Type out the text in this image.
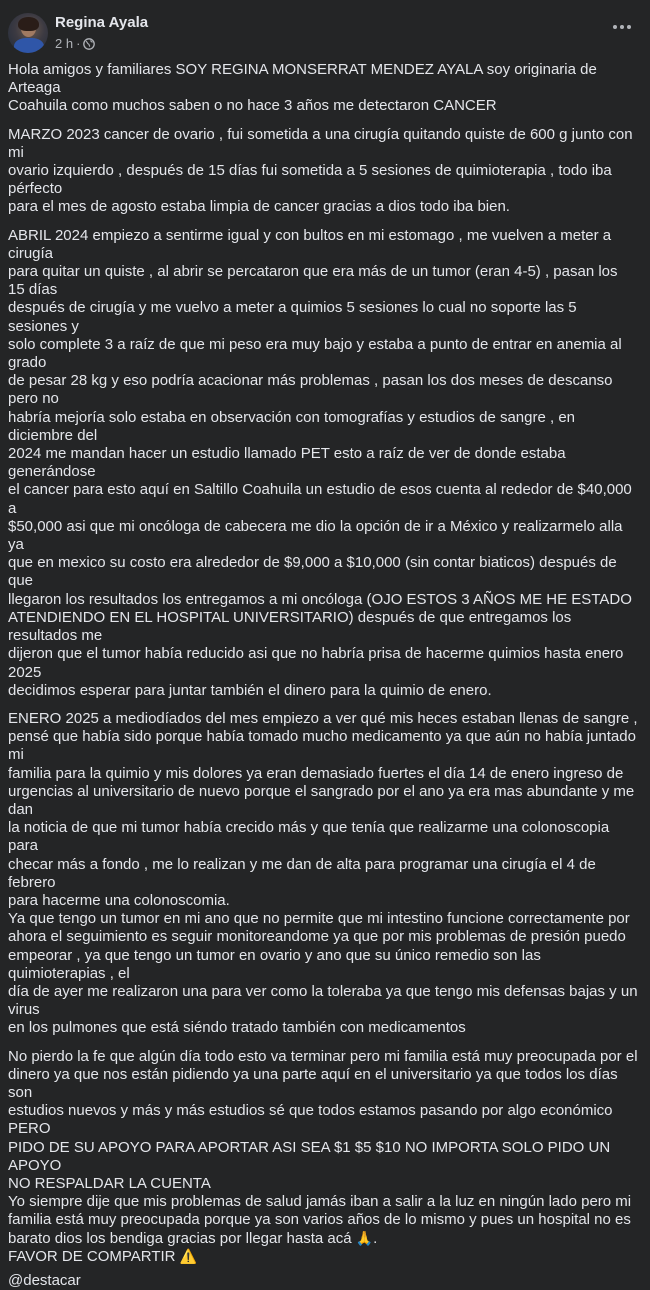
Regina Ayala
2 h ·

Hola amigos y familiares SOY REGINA MONSERRAT MENDEZ AYALA soy originaria de Arteaga
Coahuila como muchos saben o no hace 3 años me detectaron CANCER

MARZO 2023 cancer de ovario , fui sometida a una cirugía quitando quiste de 600 g junto con mi
ovario izquierdo , después de 15 días fui sometida a 5 sesiones de quimioterapia , todo iba pérfecto
para el mes de agosto estaba limpia de cancer gracias a dios todo iba bien.

ABRIL 2024 empiezo a sentirme igual y con bultos en mi estomago , me vuelven a meter a cirugía
para quitar un quiste , al abrir se percataron que era más de un tumor (eran 4-5) , pasan los 15 días
después de cirugía y me vuelvo a meter a quimios 5 sesiones lo cual no soporte las 5 sesiones y
solo complete 3 a raíz de que mi peso era muy bajo y estaba a punto de entrar en anemia al grado
de pesar 28 kg y eso podría acacionar más problemas , pasan los dos meses de descanso pero no
habría mejoría solo estaba en observación con tomografías y estudios de sangre , en diciembre del
2024 me mandan hacer un estudio llamado PET esto a raíz de ver de donde estaba generándose
el cancer para esto aquí en Saltillo Coahuila un estudio de esos cuenta al rededor de $40,000 a
$50,000 asi que mi oncóloga de cabecera me dio la opción de ir a México y realizarmelo alla ya
que en mexico su costo era alrededor de $9,000 a $10,000 (sin contar biaticos) después de que
llegaron los resultados los entregamos a mi oncóloga (OJO ESTOS 3 AÑOS ME HE ESTADO
ATENDIENDO EN EL HOSPITAL UNIVERSITARIO) después de que entregamos los resultados me
dijeron que el tumor había reducido asi que no habría prisa de hacerme quimios hasta enero 2025
decidimos esperar para juntar también el dinero para la quimio de enero.

ENERO 2025 a mediodíados del mes empiezo a ver qué mis heces estaban llenas de sangre ,
pensé que había sido porque había tomado mucho medicamento ya que aún no había juntado mi
familia para la quimio y mis dolores ya eran demasiado fuertes el día 14 de enero ingreso de
urgencias al universitario de nuevo porque el sangrado por el ano ya era mas abundante y me dan
la noticia de que mi tumor había crecido más y que tenía que realizarme una colonoscopia para
checar más a fondo , me lo realizan y me dan de alta para programar una cirugía el 4 de febrero
para hacerme una colonoscomia.
Ya que tengo un tumor en mi ano que no permite que mi intestino funcione correctamente por
ahora el seguimiento es seguir monitoreandome ya que por mis problemas de presión puedo
empeorar , ya que tengo un tumor en ovario y ano que su único remedio son las quimioterapias , el
día de ayer me realizaron una para ver como la toleraba ya que tengo mis defensas bajas y un virus
en los pulmones que está siéndo tratado también con medicamentos

No pierdo la fe que algún día todo esto va terminar pero mi familia está muy preocupada por el
dinero ya que nos están pidiendo ya una parte aquí en el universitario ya que todos los días son
estudios nuevos y más y más estudios sé que todos estamos pasando por algo económico PERO
PIDO DE SU APOYO PARA APORTAR ASI SEA $1 $5 $10 NO IMPORTA SOLO PIDO UN APOYO
NO RESPALDAR LA CUENTA
Yo siempre dije que mis problemas de salud jamás iban a salir a la luz en ningún lado pero mi
familia está muy preocupada porque ya son varios años de lo mismo y pues un hospital no es
barato dios los bendiga gracias por llegar hasta acá 🙏.

FAVOR DE COMPARTIR ⚠️

@destacar
